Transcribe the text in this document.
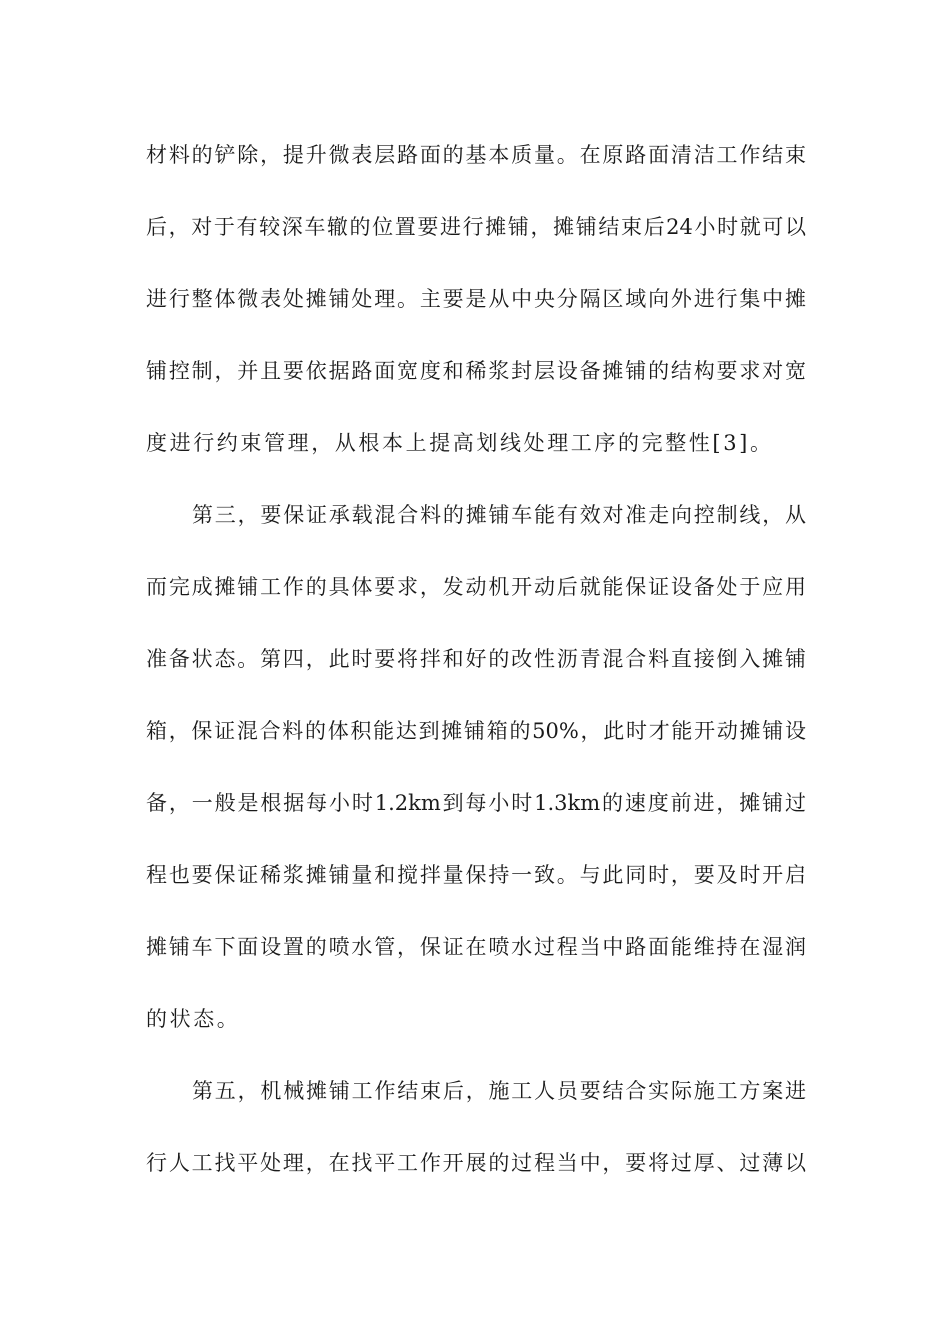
材料的铲除，提升微表层路面的基本质量。在原路面清洁工作结束
后，对于有较深车辙的位置要进行摊铺，摊铺结束后24小时就可以
进行整体微表处摊铺处理。主要是从中央分隔区域向外进行集中摊
铺控制，并且要依据路面宽度和稀浆封层设备摊铺的结构要求对宽
度进行约束管理，从根本上提高划线处理工序的完整性[3]。
第三，要保证承载混合料的摊铺车能有效对准走向控制线，从
而完成摊铺工作的具体要求，发动机开动后就能保证设备处于应用
准备状态。第四，此时要将拌和好的改性沥青混合料直接倒入摊铺
箱，保证混合料的体积能达到摊铺箱的50%，此时才能开动摊铺设
备，一般是根据每小时1.2km到每小时1.3km的速度前进，摊铺过
程也要保证稀浆摊铺量和搅拌量保持一致。与此同时，要及时开启
摊铺车下面设置的喷水管，保证在喷水过程当中路面能维持在湿润
的状态。
第五，机械摊铺工作结束后，施工人员要结合实际施工方案进
行人工找平处理，在找平工作开展的过程当中，要将过厚、过薄以
